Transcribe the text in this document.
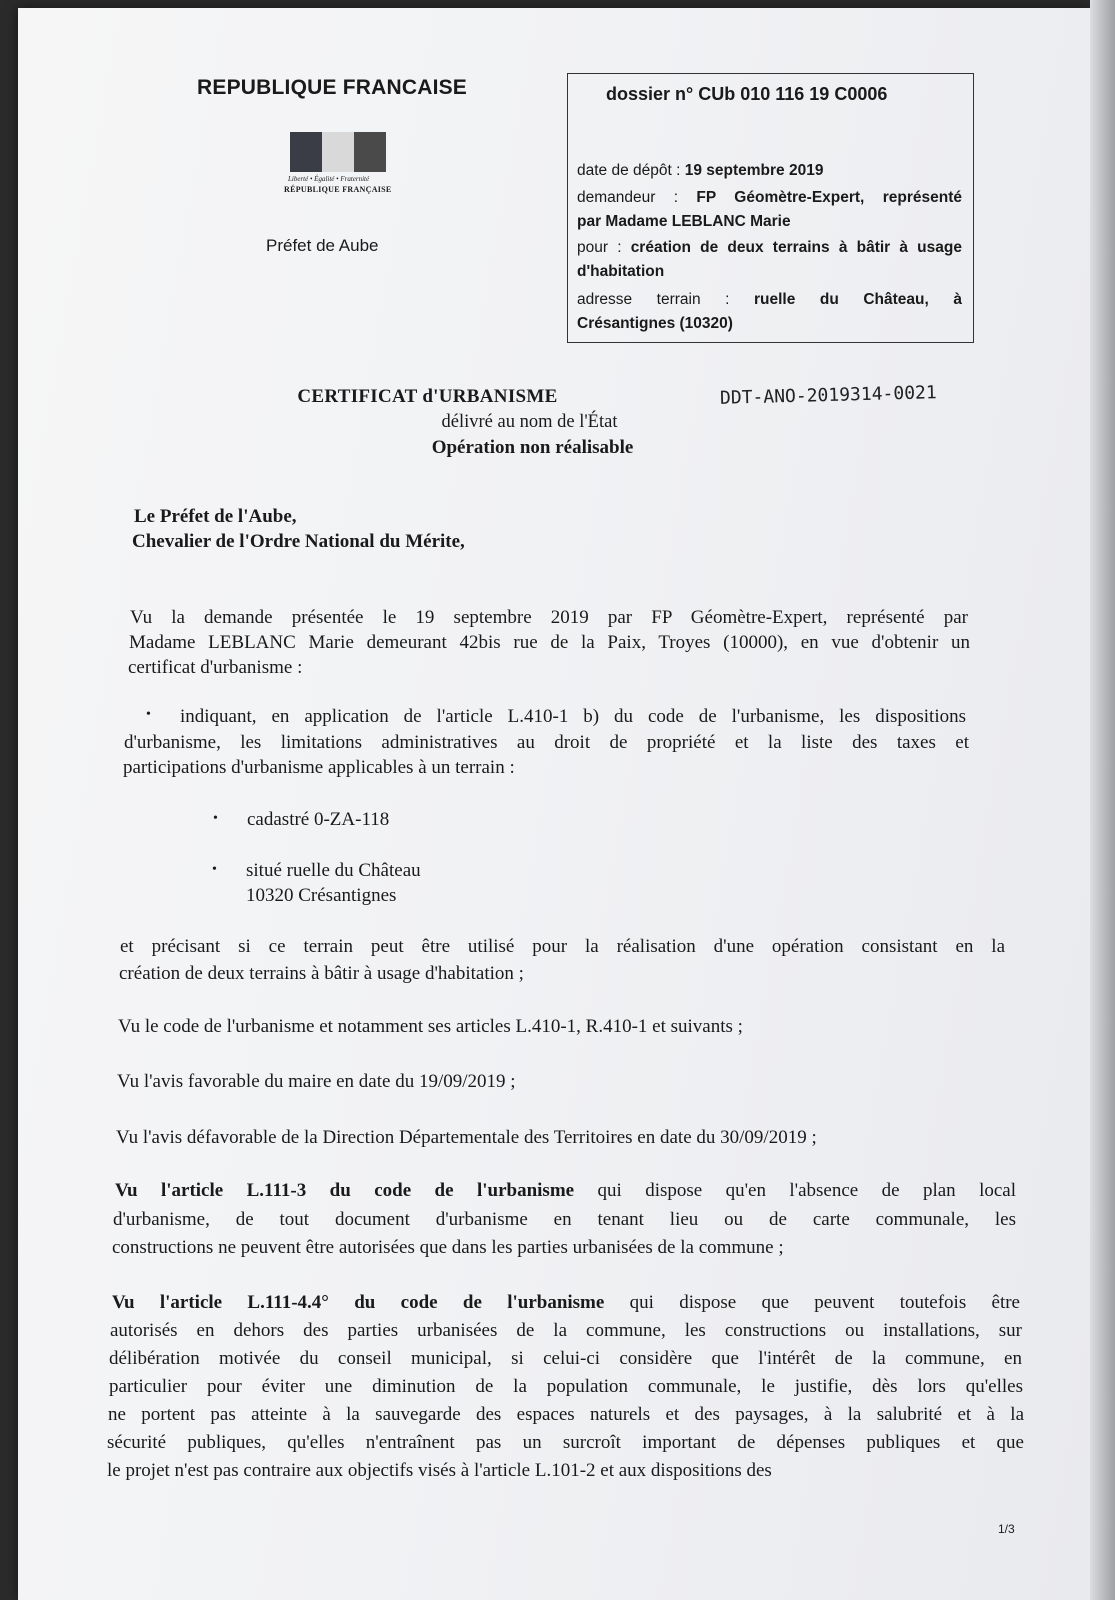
REPUBLIQUE FRANCAISE
Liberté • Égalité • Fraternité
RÉPUBLIQUE FRANÇAISE
Préfet de Aube
dossier n° CUb 010 116 19 C0006
date de dépôt : 19 septembre 2019
demandeur : FP Géomètre-Expert, représenté
par Madame LEBLANC Marie
pour : création de deux terrains à bâtir à usage
d'habitation
adresse terrain : ruelle du Château, à
Crésantignes (10320)
CERTIFICAT d'URBANISME	DDT-ANO-2019314-0021
délivré au nom de l'État
Opération non réalisable
Le Préfet de l'Aube,
Chevalier de l'Ordre National du Mérite,
Vu la demande présentée le 19 septembre 2019 par FP Géomètre-Expert, représenté par
Madame LEBLANC Marie demeurant 42bis rue de la Paix, Troyes (10000), en vue d'obtenir un
certificat d'urbanisme :
• indiquant, en application de l'article L.410-1 b) du code de l'urbanisme, les dispositions
d'urbanisme, les limitations administratives au droit de propriété et la liste des taxes et
participations d'urbanisme applicables à un terrain :
• cadastré 0-ZA-118
• situé ruelle du Château
10320 Crésantignes
et précisant si ce terrain peut être utilisé pour la réalisation d'une opération consistant en la
création de deux terrains à bâtir à usage d'habitation ;
Vu le code de l'urbanisme et notamment ses articles L.410-1, R.410-1 et suivants ;
Vu l'avis favorable du maire en date du 19/09/2019 ;
Vu l'avis défavorable de la Direction Départementale des Territoires en date du 30/09/2019 ;
Vu l'article L.111-3 du code de l'urbanisme qui dispose qu'en l'absence de plan local
d'urbanisme, de tout document d'urbanisme en tenant lieu ou de carte communale, les
constructions ne peuvent être autorisées que dans les parties urbanisées de la commune ;
Vu l'article L.111-4.4° du code de l'urbanisme qui dispose que peuvent toutefois être
autorisés en dehors des parties urbanisées de la commune, les constructions ou installations, sur
délibération motivée du conseil municipal, si celui-ci considère que l'intérêt de la commune, en
particulier pour éviter une diminution de la population communale, le justifie, dès lors qu'elles
ne portent pas atteinte à la sauvegarde des espaces naturels et des paysages, à la salubrité et à la
sécurité publiques, qu'elles n'entraînent pas un surcroît important de dépenses publiques et que
le projet n'est pas contraire aux objectifs visés à l'article L.101-2 et aux dispositions des
1/3
